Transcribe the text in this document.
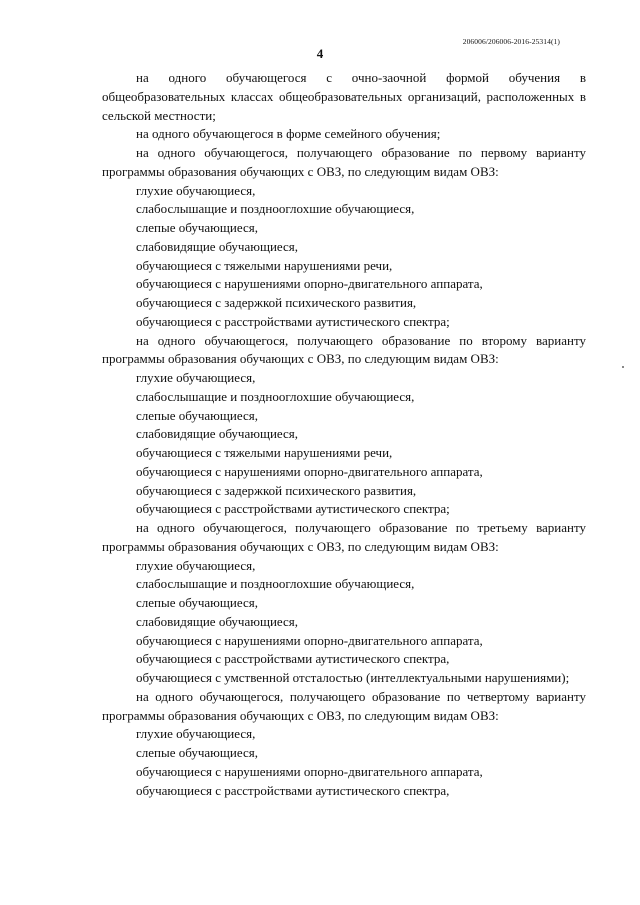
206006/206006-2016-25314(1)
4

на одного обучающегося с очно-заочной формой обучения в общеобразовательных классах общеобразовательных организаций, расположенных в сельской местности;

на одного обучающегося в форме семейного обучения;

на одного обучающегося, получающего образование по первому варианту программы образования обучающих с ОВЗ, по следующим видам ОВЗ:

глухие обучающиеся,

слабослышащие и позднооглохшие обучающиеся,

слепые обучающиеся,

слабовидящие обучающиеся,

обучающиеся с тяжелыми нарушениями речи,

обучающиеся с нарушениями опорно-двигательного аппарата,

обучающиеся с задержкой психического развития,

обучающиеся с расстройствами аутистического спектра;

на одного обучающегося, получающего образование по второму варианту программы образования обучающих с ОВЗ, по следующим видам ОВЗ:

глухие обучающиеся,

слабослышащие и позднооглохшие обучающиеся,

слепые обучающиеся,

слабовидящие обучающиеся,

обучающиеся с тяжелыми нарушениями речи,

обучающиеся с нарушениями опорно-двигательного аппарата,

обучающиеся с задержкой психического развития,

обучающиеся с расстройствами аутистического спектра;

на одного обучающегося, получающего образование по третьему варианту программы образования обучающих с ОВЗ, по следующим видам ОВЗ:

глухие обучающиеся,

слабослышащие и позднооглохшие обучающиеся,

слепые обучающиеся,

слабовидящие обучающиеся,

обучающиеся с нарушениями опорно-двигательного аппарата,

обучающиеся с расстройствами аутистического спектра,

обучающиеся с умственной отсталостью (интеллектуальными нарушениями);

на одного обучающегося, получающего образование по четвертому варианту программы образования обучающих с ОВЗ, по следующим видам ОВЗ:

глухие обучающиеся,

слепые обучающиеся,

обучающиеся с нарушениями опорно-двигательного аппарата,

обучающиеся с расстройствами аутистического спектра,
